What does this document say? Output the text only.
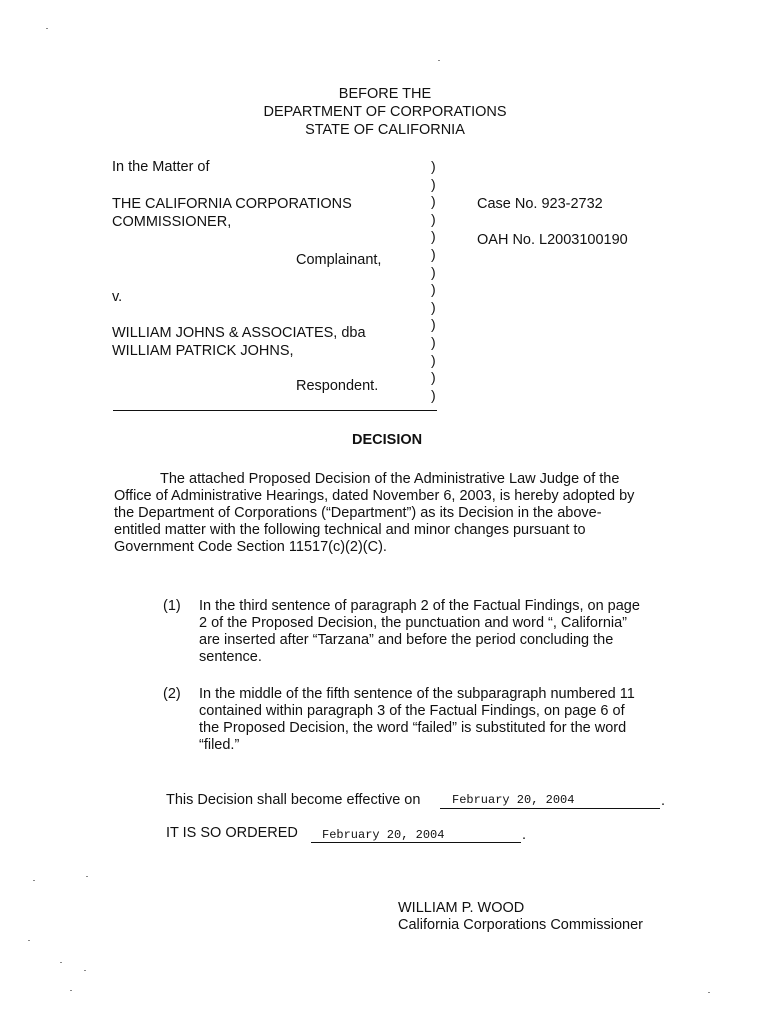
BEFORE THE
DEPARTMENT OF CORPORATIONS
STATE OF CALIFORNIA
In the Matter of
THE CALIFORNIA CORPORATIONS
COMMISSIONER,
Complainant,
v.
WILLIAM JOHNS & ASSOCIATES, dba
WILLIAM PATRICK JOHNS,
Respondent.
)
)
)
)
)
)
)
)
)
)
)
)
)
)
Case No. 923-2732
OAH No. L2003100190
DECISION
The attached Proposed Decision of the Administrative Law Judge of the
Office of Administrative Hearings, dated November 6, 2003, is hereby adopted by
the Department of Corporations (“Department”) as its Decision in the above-
entitled matter with the following technical and minor changes pursuant to
Government Code Section 11517(c)(2)(C).
(1) In the third sentence of paragraph 2 of the Factual Findings, on page
2 of the Proposed Decision, the punctuation and word “, California”
are inserted after “Tarzana” and before the period concluding the
sentence.
(2) In the middle of the fifth sentence of the subparagraph numbered 11
contained within paragraph 3 of the Factual Findings, on page 6 of
the Proposed Decision, the word “failed” is substituted for the word
“filed.”
This Decision shall become effective on	February 20, 2004	.
IT IS SO ORDERED February 20, 2004	.
WILLIAM P. WOOD
California Corporations Commissioner
